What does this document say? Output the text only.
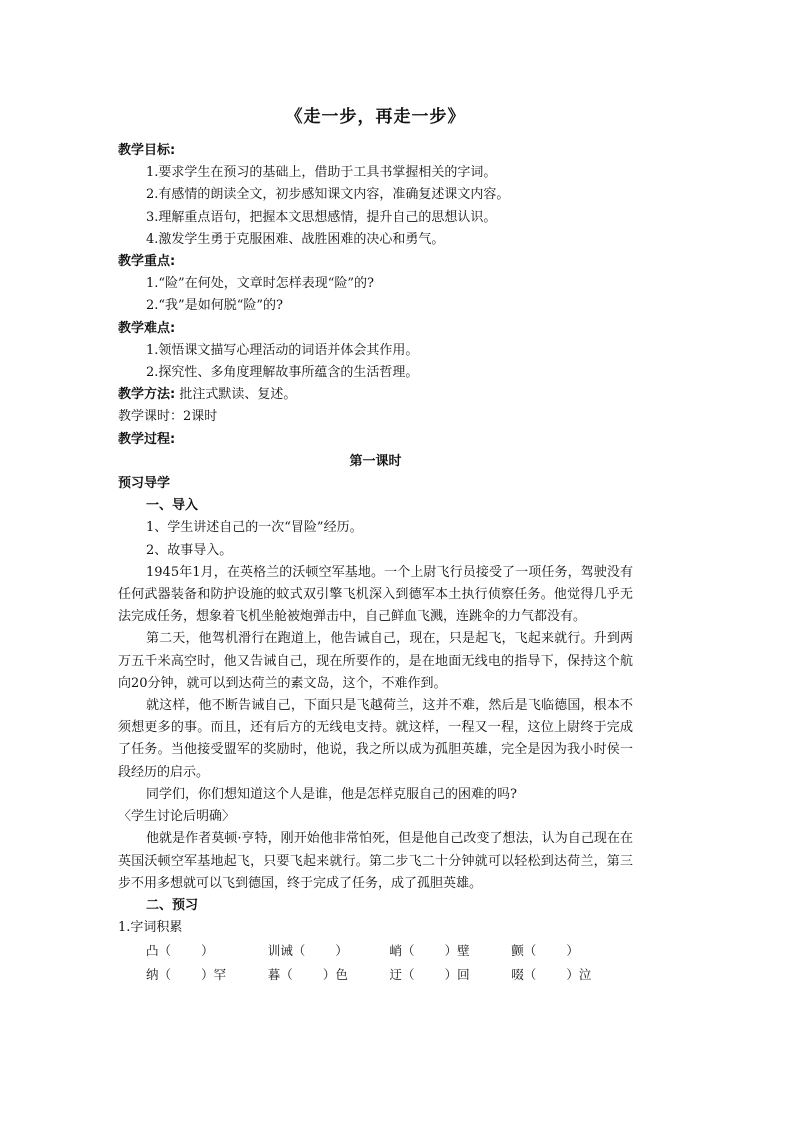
《走一步，再走一步》
教学目标:
1.要求学生在预习的基础上，借助于工具书掌握相关的字词。
2.有感情的朗读全文，初步感知课文内容，准确复述课文内容。
3.理解重点语句，把握本文思想感情，提升自己的思想认识。
4.激发学生勇于克服困难、战胜困难的决心和勇气。
教学重点:
1.“险”在何处，文章时怎样表现“险”的?
2.“我”是如何脱“险”的?
教学难点:
1.领悟课文描写心理活动的词语并体会其作用。
2.探究性、多角度理解故事所蕴含的生活哲理。
教学方法: 批注式默读、复述。
教学课时：2课时
教学过程:
第一课时
预习导学
一、导入
1、学生讲述自己的一次“冒险”经历。
2、故事导入。
1945年1月，在英格兰的沃顿空军基地。一个上尉飞行员接受了一项任务，驾驶没有任何武器装备和防护设施的蚊式双引擎飞机深入到德军本土执行侦察任务。他觉得几乎无法完成任务，想象着飞机坐舱被炮弹击中，自己鲜血飞溅，连跳伞的力气都没有。
第二天，他驾机滑行在跑道上，他告诫自己，现在，只是起飞，飞起来就行。升到两万五千米高空时，他又告诫自己，现在所要作的，是在地面无线电的指导下，保持这个航向20分钟，就可以到达荷兰的素文岛，这个，不难作到。
就这样，他不断告诫自己，下面只是飞越荷兰，这并不难，然后是飞临德国，根本不须想更多的事。而且，还有后方的无线电支持。就这样，一程又一程，这位上尉终于完成了任务。当他接受盟军的奖励时，他说，我之所以成为孤胆英雄，完全是因为我小时侯一段经历的启示。
同学们，你们想知道这个人是谁，他是怎样克服自己的困难的吗?
〈学生讨论后明确〉
他就是作者莫顿·亨特，刚开始他非常怕死，但是他自己改变了想法，认为自己现在在英国沃顿空军基地起飞，只要飞起来就行。第二步飞二十分钟就可以轻松到达荷兰，第三步不用多想就可以飞到德国，终于完成了任务，成了孤胆英雄。
二、预习
1.字词积累
凸（    ）	训诫（    ）	峭（    ）壁	颤（    ）
纳（    ）罕	暮（    ）色	迂（    ）回	啜（    ）泣
